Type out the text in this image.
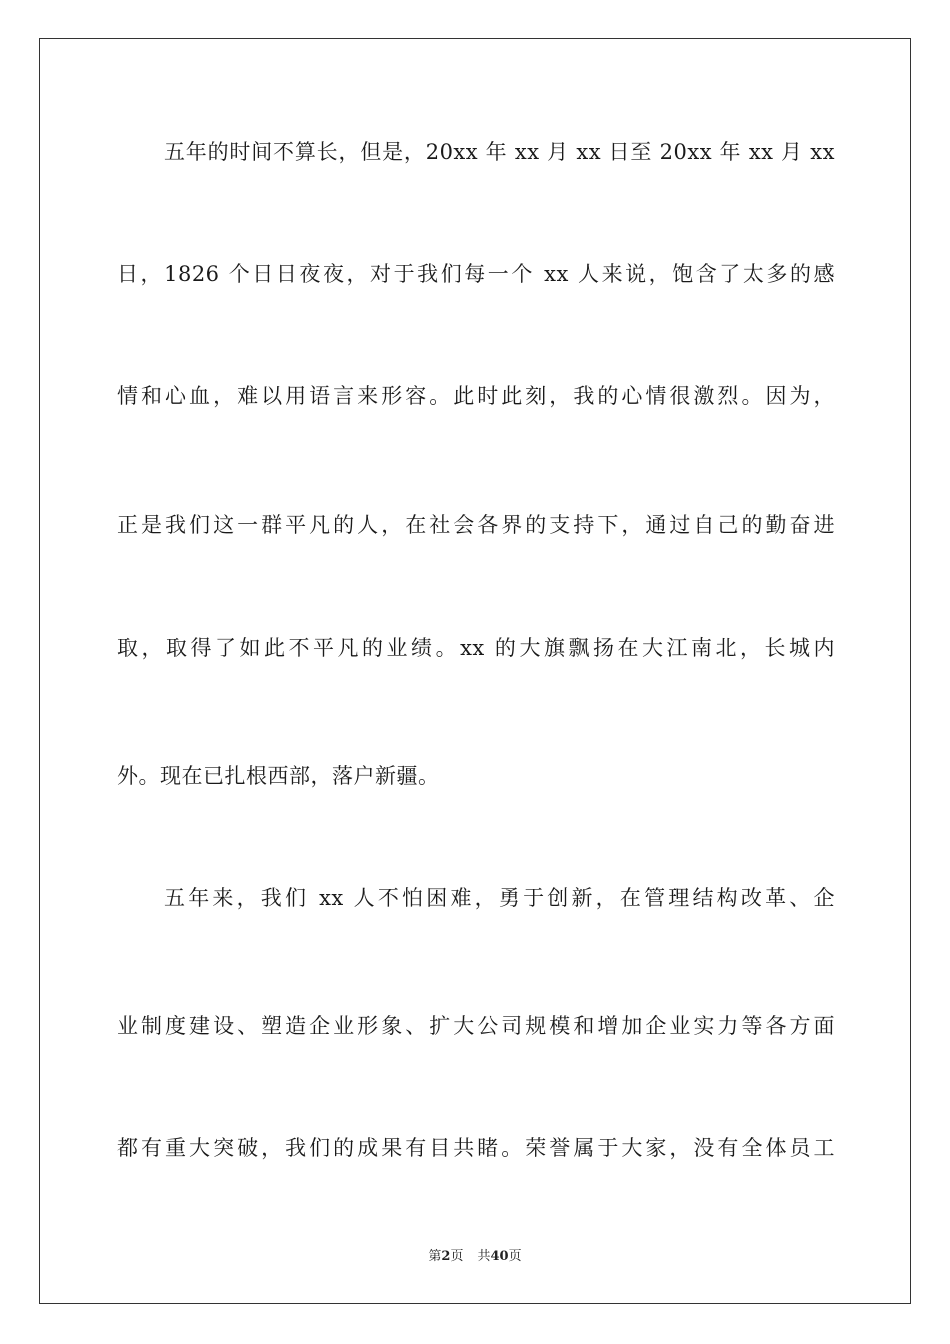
五年的时间不算长，但是，20xx 年 xx 月 xx 日至 20xx 年 xx 月 xx
日，1826 个日日夜夜，对于我们每一个 xx 人来说，饱含了太多的感
情和心血，难以用语言来形容。此时此刻，我的心情很激烈。因为，
正是我们这一群平凡的人，在社会各界的支持下，通过自己的勤奋进
取，取得了如此不平凡的业绩。xx 的大旗飘扬在大江南北，长城内
外。现在已扎根西部，落户新疆。
五年来，我们 xx 人不怕困难，勇于创新，在管理结构改革、企
业制度建设、塑造企业形象、扩大公司规模和增加企业实力等各方面
都有重大突破，我们的成果有目共睹。荣誉属于大家，没有全体员工
第2页 共40页
